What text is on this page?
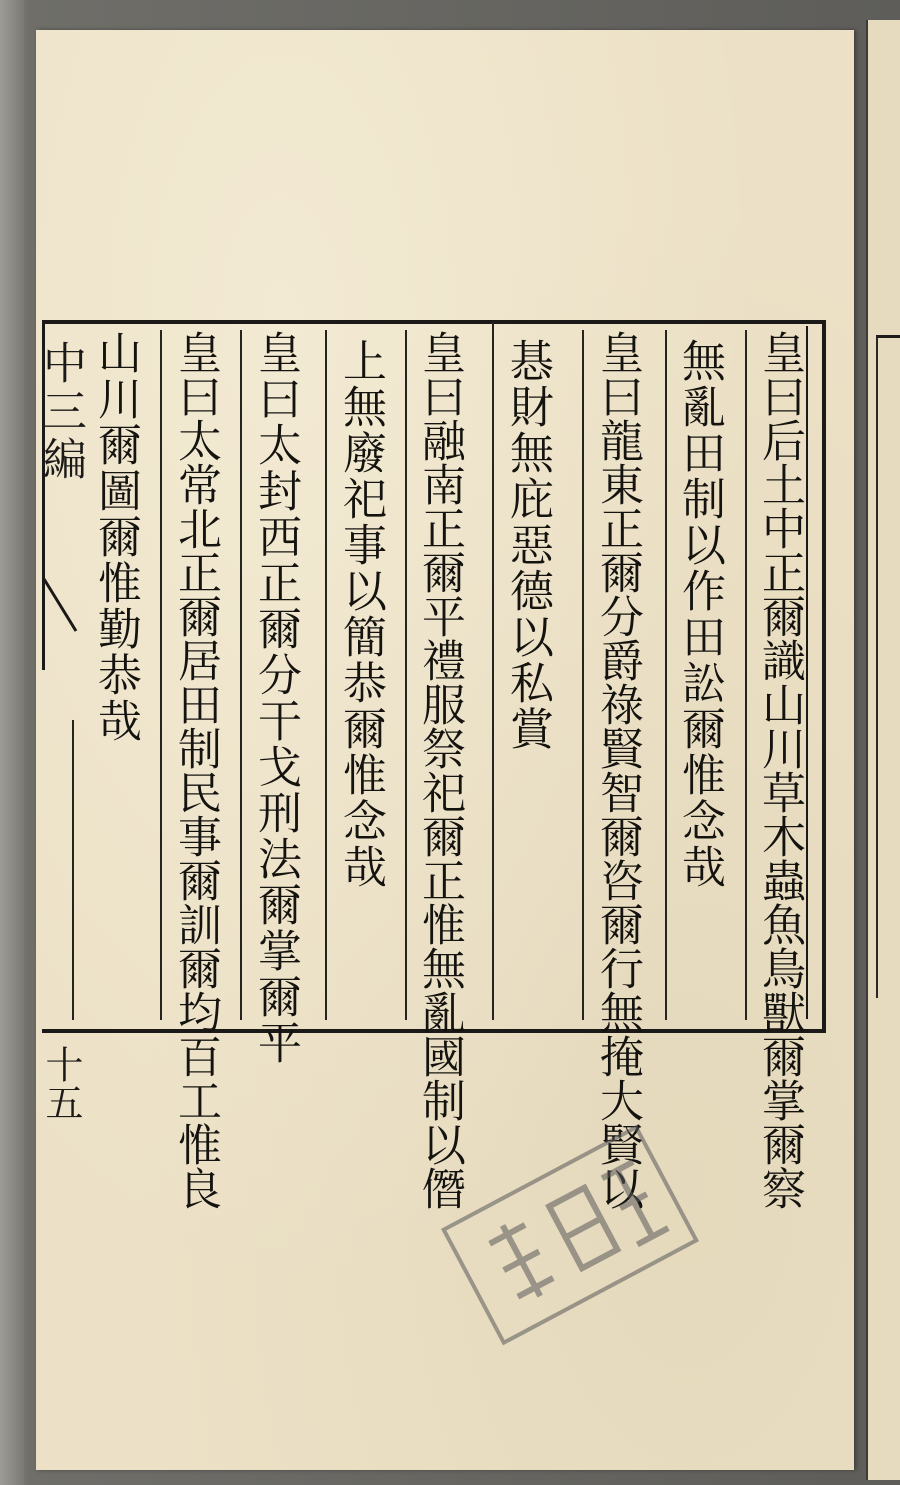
中三編
十五	皇曰后土中正爾識山川草木蟲魚鳥獸爾掌爾察
無亂田制以作田訟爾惟念哉
皇曰龍東正爾分爵祿賢智爾咨爾行無掩大賢以
惎財無庇惡德以私賞
皇曰融南正爾平禮服祭祀爾正惟無亂國制以僭
上無廢祀事以簡恭爾惟念哉
皇曰太封西正爾分干戈刑法爾掌爾平
皇曰太常北正爾居田制民事爾訓爾均百工惟良
山川爾圖爾惟勤恭哉
